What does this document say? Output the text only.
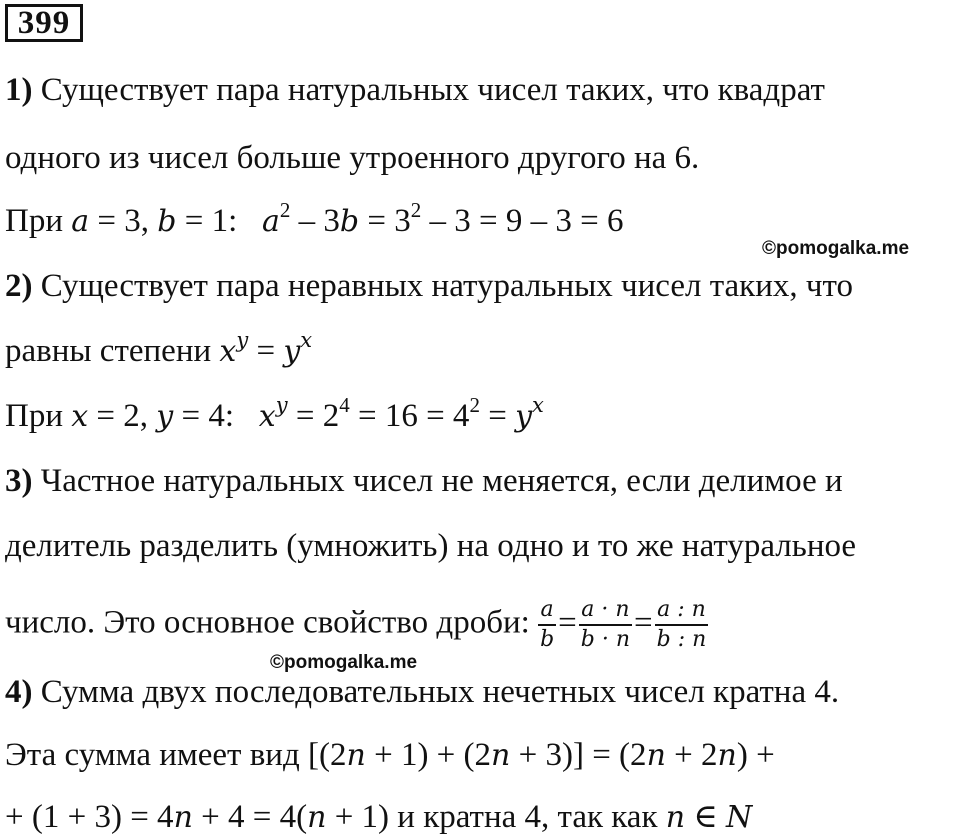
399
1) Существует пара натуральных чисел таких, что квадрат
одного из чисел больше утроенного другого на 6.
При a = 3, b = 1:   $a^2 - 3b = 3^2 - 3 = 9 - 3 = 6$
©pomogalka.me
2) Существует пара неравных натуральных чисел таких, что
равны степени $x^y = y^x$
При x = 2, y = 4:   $x^y = 2^4 = 16 = 4^2 = y^x$
3) Частное натуральных чисел не меняется, если делимое и
делитель разделить (умножить) на одно и то же натуральное
число. Это основное свойство дроби: $\frac{a}{b} = \frac{a \cdot n}{b \cdot n} = \frac{a : n}{b : n}$
©pomogalka.me
4) Сумма двух последовательных нечетных чисел кратна 4.
Эта сумма имеет вид [(2n + 1) + (2n + 3)] = (2n + 2n) +
+ (1 + 3) = 4n + 4 = 4(n + 1) и кратна 4, так как n ∈ N
